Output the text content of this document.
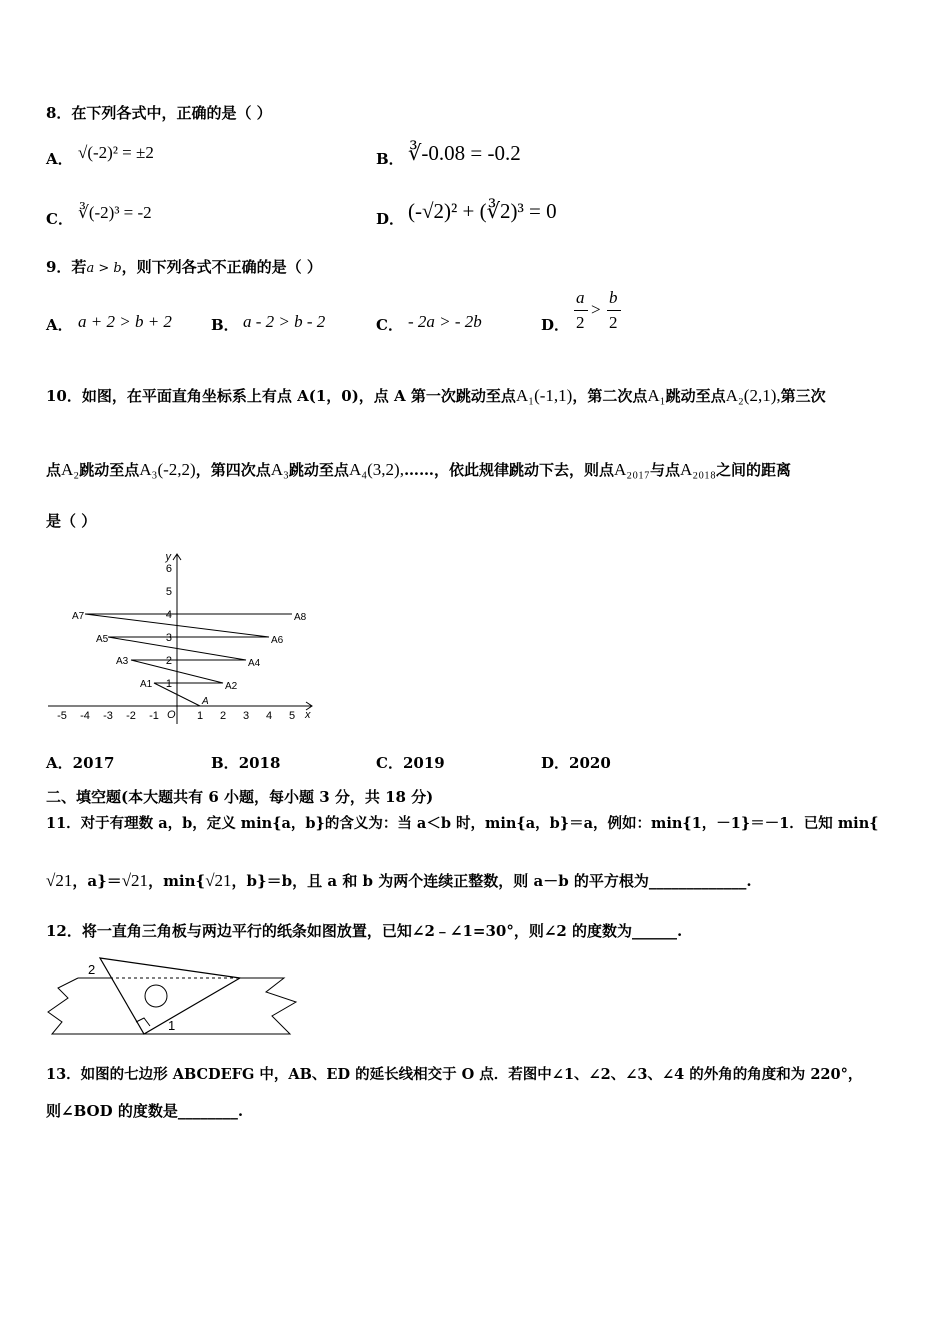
8．在下列各式中，正确的是（ ）
A． √(-2)² = ±2	B． ∛-0.08 = -0.2
C． ∛(-2)³ = -2	D． (-√2)² + (∛2)³ = 0
9．若a > b，则下列各式不正确的是（ ）
A． a + 2 > b + 2	B． a - 2 > b - 2	C． - 2a > - 2b	D．
a
2
>
b
2
10．如图，在平面直角坐标系上有点 A(1，0)，点 A 第一次跳动至点A₁(-1,1)，第二次点A₁跳动至点A₂(2,1),第三次
点A₂跳动至点A₃(-2,2)，第四次点A₃跳动至点A₄(3,2),……，依此规律跳动下去，则点A₂₀₁₇与点A₂₀₁₈之间的距离
是（ ）
y
x
O
-5 -4 -3 -2 -1	1 2 3 4 5
1
2
3
4
5
6
A
A1	A2
A3	A4
A5	A6
A7	A8
A．2017	B．2018	C．2019	D．2020
二、填空题(本大题共有 6 小题，每小题 3 分，共 18 分)
11．对于有理数 a，b，定义 min{a，b}的含义为：当 a＜b 时，min{a，b}＝a，例如：min{1，－1}＝－1．已知 min{
√21，a}＝√21，min{√21，b}＝b，且 a 和 b 为两个连续正整数，则 a－b 的平方根为_____________.
12．将一直角三角板与两边平行的纸条如图放置，已知∠2﹣∠1=30°，则∠2 的度数为______.
2
1
13．如图的七边形 ABCDEFG 中，AB、ED 的延长线相交于 O 点．若图中∠1、∠2、∠3、∠4 的外角的角度和为 220°，
则∠BOD 的度数是________.
